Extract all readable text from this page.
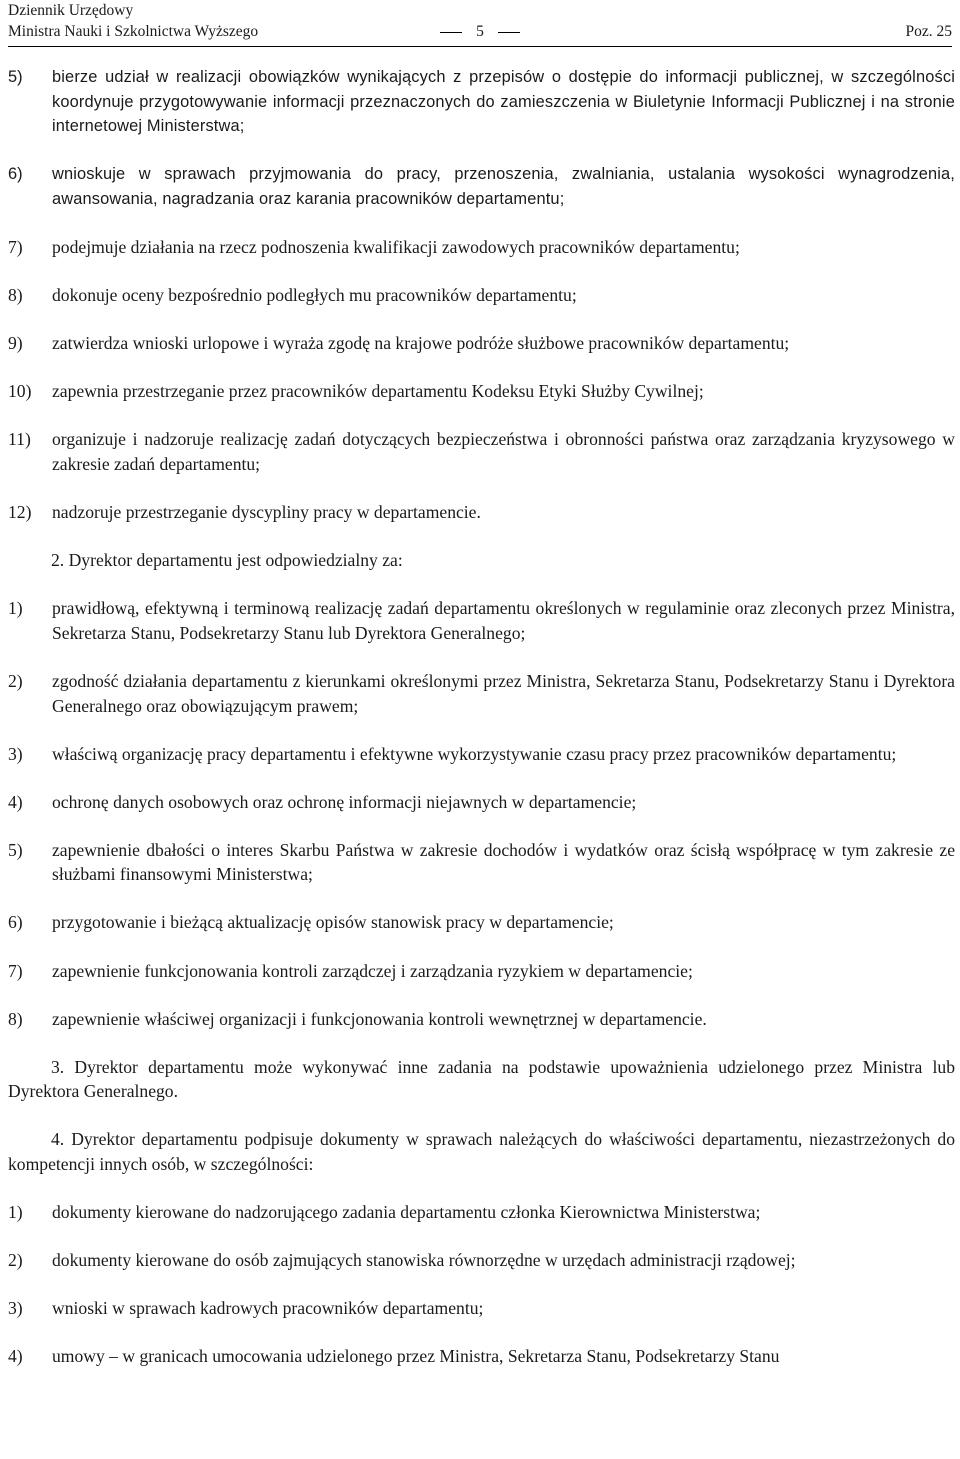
Dziennik Urzędowy
Ministra Nauki i Szkolnictwa Wyższego	5	Poz. 25
5)	bierze udział w realizacji obowiązków wynikających z przepisów o dostępie do informacji publicznej, w szczególności koordynuje przygotowywanie informacji przeznaczonych do zamieszczenia w Biuletynie Informacji Publicznej i na stronie internetowej Ministerstwa;
6)	wnioskuje w sprawach przyjmowania do pracy, przenoszenia, zwalniania, ustalania wysokości wynagrodzenia, awansowania, nagradzania oraz karania pracowników departamentu;
7)	podejmuje działania na rzecz podnoszenia kwalifikacji zawodowych pracowników departamentu;
8)	dokonuje oceny bezpośrednio podległych mu pracowników departamentu;
9)	zatwierdza wnioski urlopowe i wyraża zgodę na krajowe podróże służbowe pracowników departamentu;
10)	zapewnia przestrzeganie przez pracowników departamentu Kodeksu Etyki Służby Cywilnej;
11)	organizuje i nadzoruje realizację zadań dotyczących bezpieczeństwa i obronności państwa oraz zarządzania kryzysowego w zakresie zadań departamentu;
12)	nadzoruje przestrzeganie dyscypliny pracy w departamencie.
2. Dyrektor departamentu jest odpowiedzialny za:
1)	prawidłową, efektywną i terminową realizację zadań departamentu określonych w regulaminie oraz zleconych przez Ministra, Sekretarza Stanu, Podsekretarzy Stanu lub Dyrektora Generalnego;
2)	zgodność działania departamentu z kierunkami określonymi przez Ministra, Sekretarza Stanu, Podsekretarzy Stanu i Dyrektora Generalnego oraz obowiązującym prawem;
3)	właściwą organizację pracy departamentu i efektywne wykorzystywanie czasu pracy przez pracowników departamentu;
4)	ochronę danych osobowych oraz ochronę informacji niejawnych w departamencie;
5)	zapewnienie dbałości o interes Skarbu Państwa w zakresie dochodów i wydatków oraz ścisłą współpracę w tym zakresie ze służbami finansowymi Ministerstwa;
6)	przygotowanie i bieżącą aktualizację opisów stanowisk pracy w departamencie;
7)	zapewnienie funkcjonowania kontroli zarządczej i zarządzania ryzykiem w departamencie;
8)	zapewnienie właściwej organizacji i funkcjonowania kontroli wewnętrznej w departamencie.
3. Dyrektor departamentu może wykonywać inne zadania na podstawie upoważnienia udzielonego przez Ministra lub Dyrektora Generalnego.
4. Dyrektor departamentu podpisuje dokumenty w sprawach należących do właściwości departamentu, niezastrzeżonych do kompetencji innych osób, w szczególności:
1)	dokumenty kierowane do nadzorującego zadania departamentu członka Kierownictwa Ministerstwa;
2)	dokumenty kierowane do osób zajmujących stanowiska równorzędne w urzędach administracji rządowej;
3)	wnioski w sprawach kadrowych pracowników departamentu;
4)	umowy – w granicach umocowania udzielonego przez Ministra, Sekretarza Stanu, Podsekretarzy Stanu
